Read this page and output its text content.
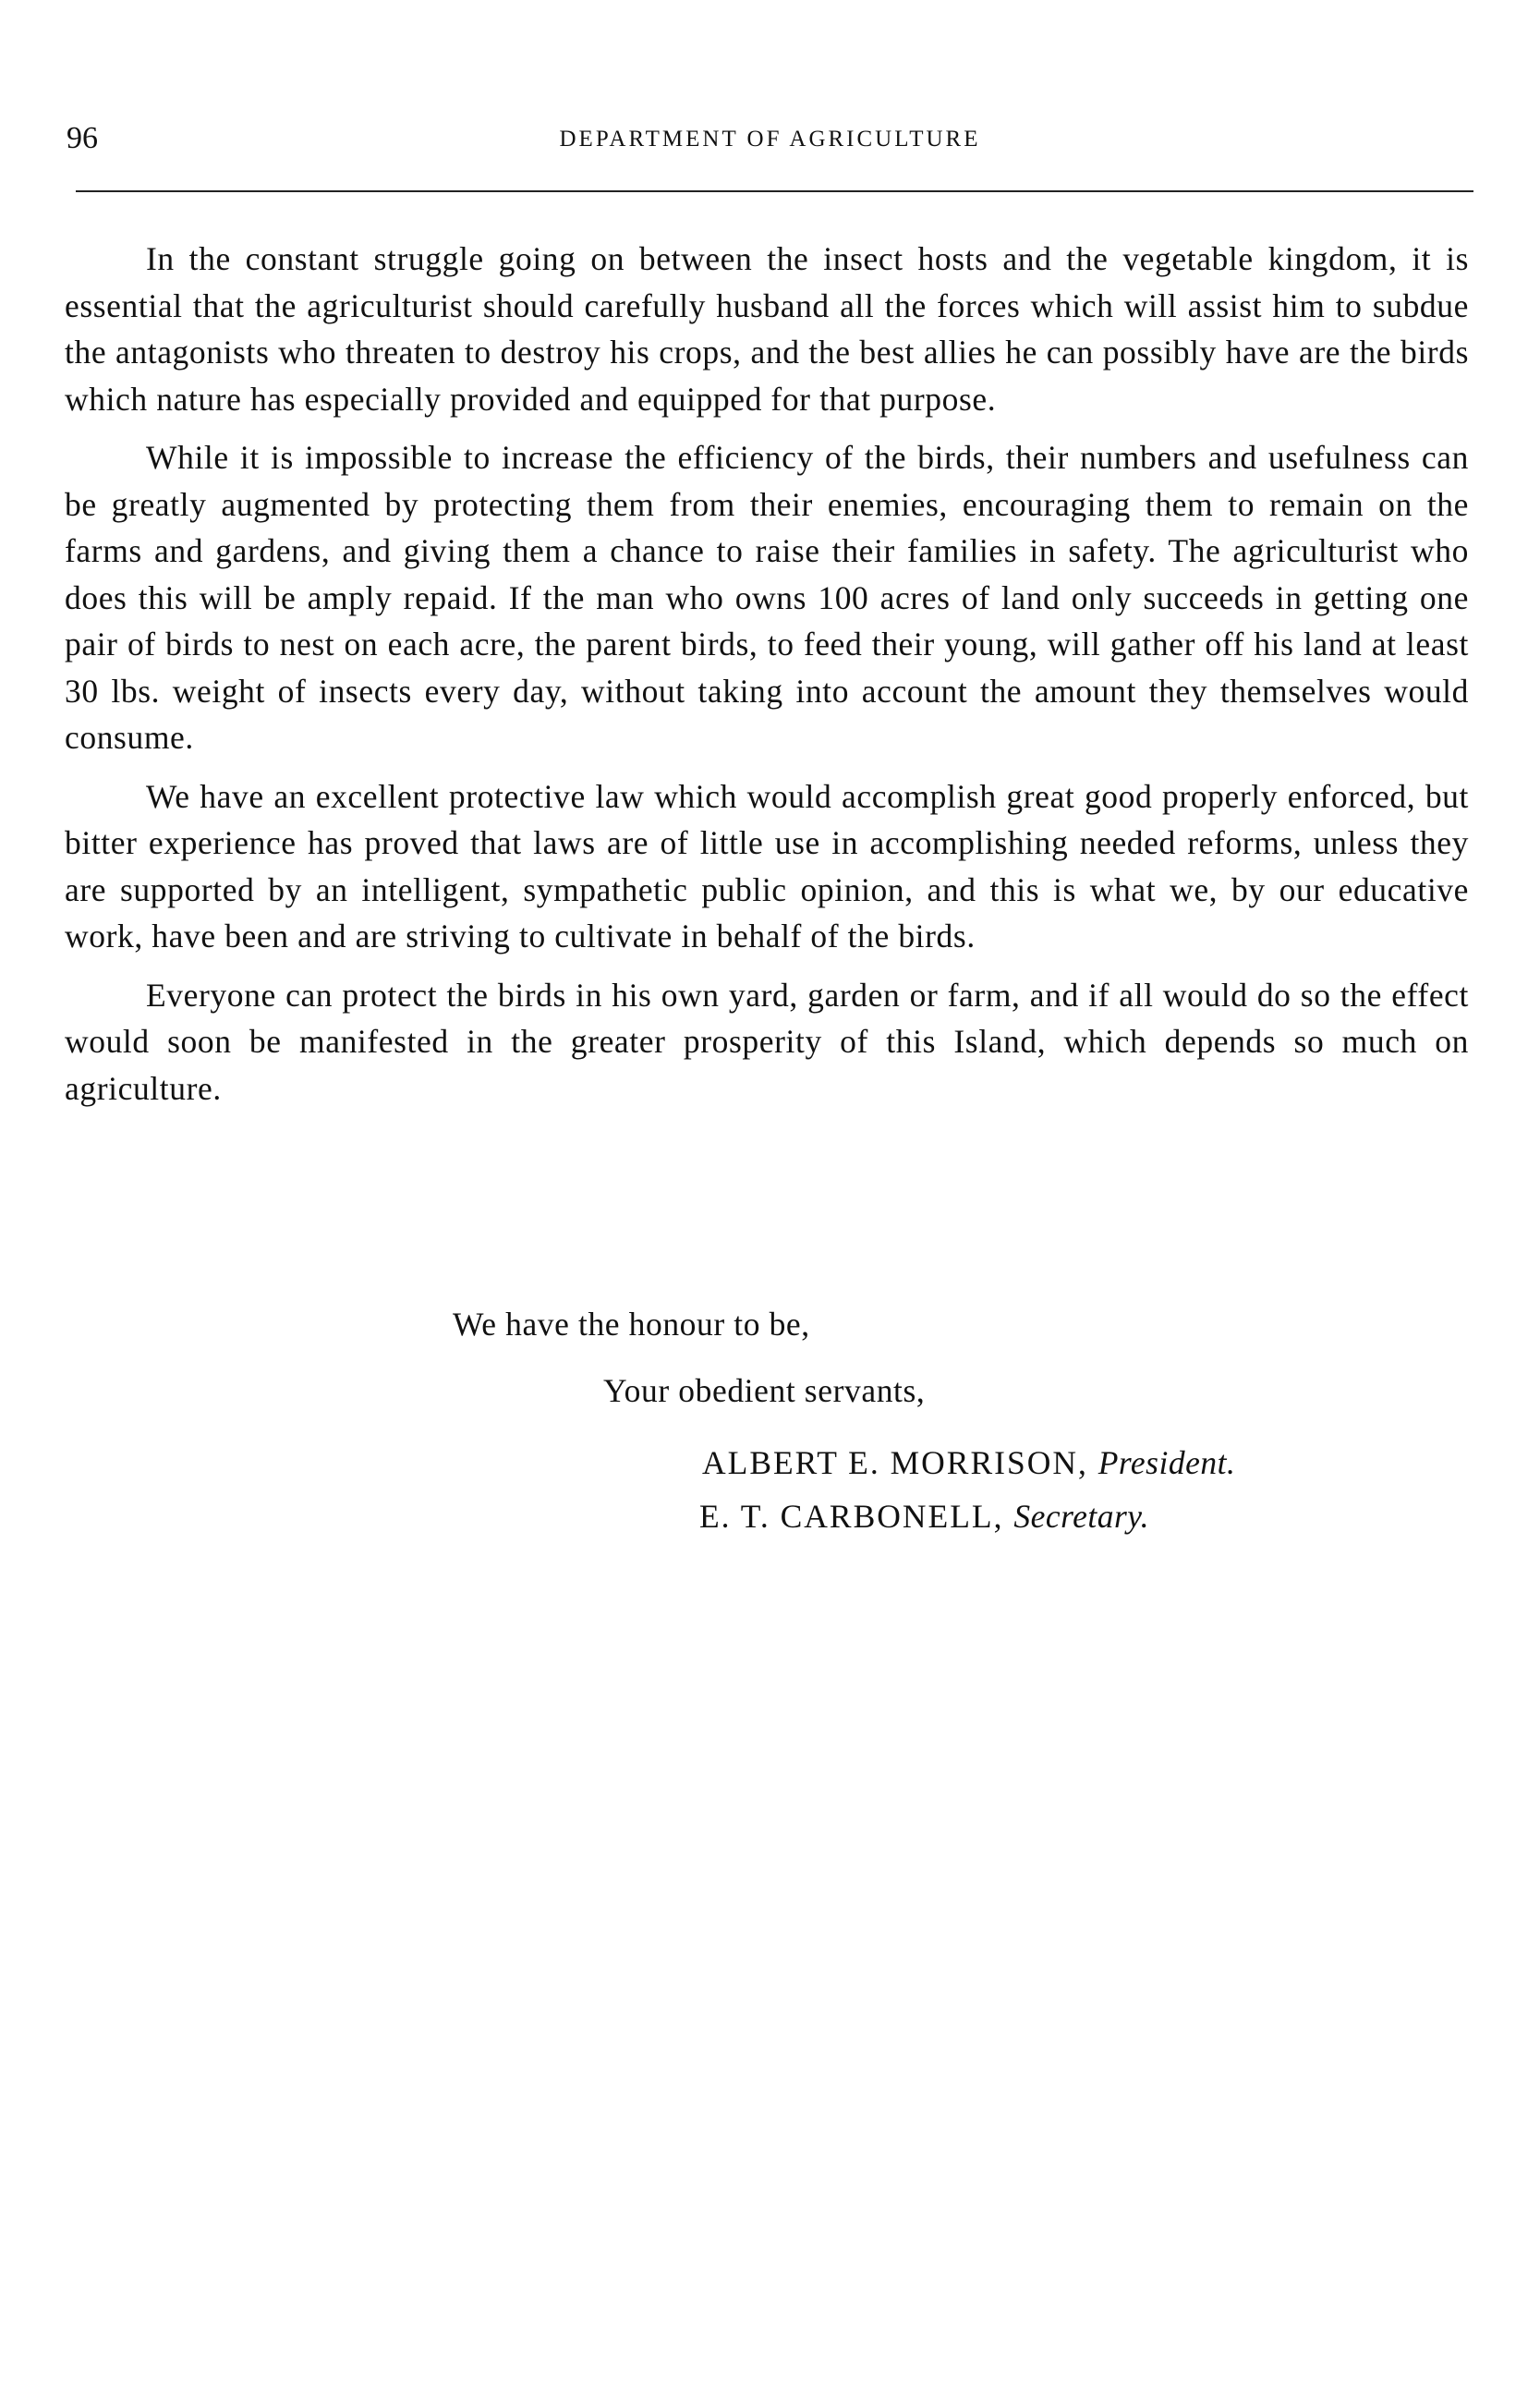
96	DEPARTMENT OF AGRICULTURE

In the constant struggle going on between the insect hosts and the vegetable kingdom, it is essential that the agriculturist should carefully husband all the forces which will assist him to subdue the antagonists who threaten to destroy his crops, and the best allies he can possibly have are the birds which nature has especially provided and equipped for that purpose.

While it is impossible to increase the efficiency of the birds, their numbers and usefulness can be greatly augmented by protecting them from their enemies, encouraging them to remain on the farms and gardens, and giving them a chance to raise their families in safety. The agriculturist who does this will be amply repaid. If the man who owns 100 acres of land only succeeds in getting one pair of birds to nest on each acre, the parent birds, to feed their young, will gather off his land at least 30 lbs. weight of insects every day, without taking into account the amount they themselves would consume.

We have an excellent protective law which would accomplish great good properly enforced, but bitter experience has proved that laws are of little use in accomplishing needed reforms, unless they are supported by an intelligent, sympathetic public opinion, and this is what we, by our educative work, have been and are striving to cultivate in behalf of the birds.

Everyone can protect the birds in his own yard, garden or farm, and if all would do so the effect would soon be manifested in the greater prosperity of this Island, which depends so much on agriculture.

We have the honour to be,
Your obedient servants,
ALBERT E. MORRISON, President.
E. T. CARBONELL, Secretary.
